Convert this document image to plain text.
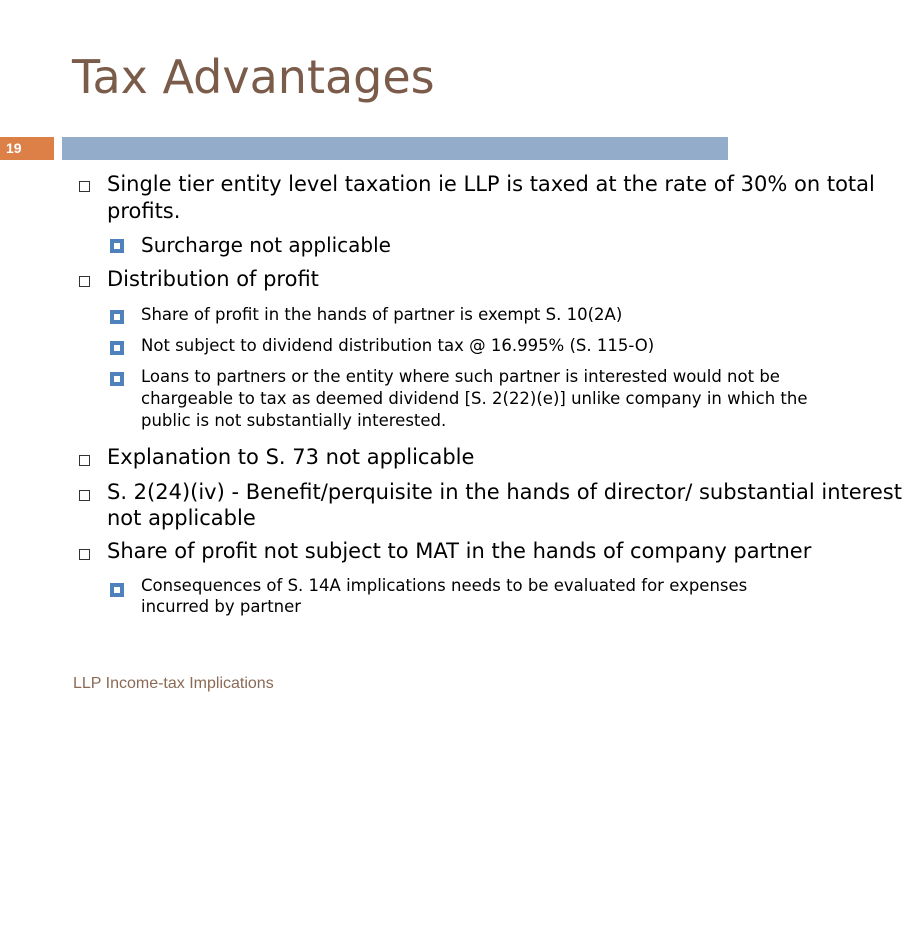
Tax Advantages
19
Single tier entity level taxation ie LLP is taxed at the rate of 30% on total
profits.
Surcharge not applicable
Distribution of profit
Share of profit in the hands of partner is exempt S. 10(2A)
Not subject to dividend distribution tax @ 16.995% (S. 115-O)
Loans to partners or the entity where such partner is interested would not be
chargeable to tax as deemed dividend [S. 2(22)(e)] unlike company in which the
public is not substantially interested.
Explanation to S. 73 not applicable
S. 2(24)(iv) - Benefit/perquisite in the hands of director/ substantial interest
not applicable
Share of profit not subject to MAT in the hands of company partner
Consequences of S. 14A implications needs to be evaluated for expenses
incurred by partner
LLP Income-tax Implications
